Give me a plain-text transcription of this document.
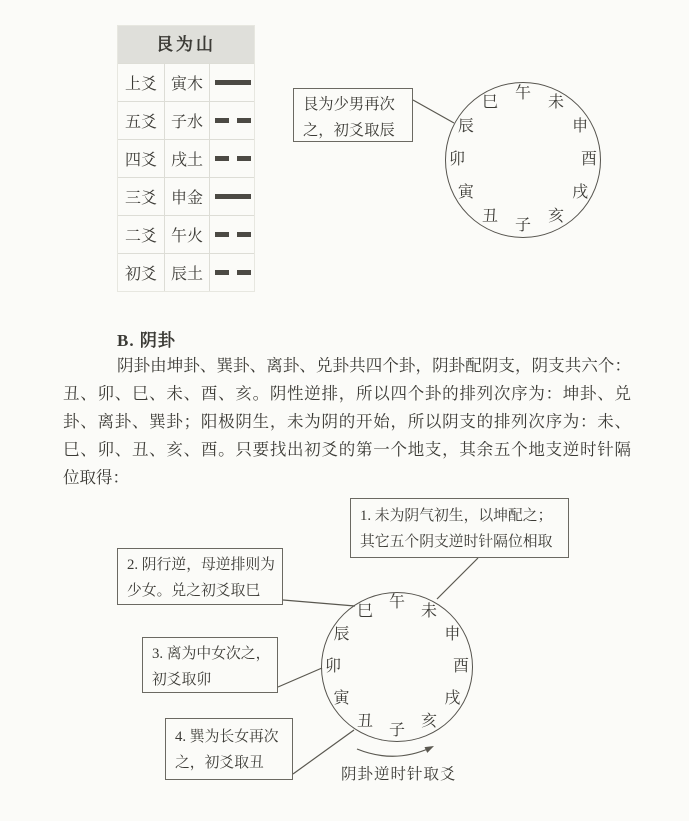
艮为山
上爻 寅木
五爻 子水
四爻 戌土
三爻 申金
二爻 午火
初爻 辰土
艮为少男再次
之，初爻取辰
午
未
申
酉
戌
亥
子
丑
寅
卯
辰
巳
B. 阴卦
阴卦由坤卦、巽卦、离卦、兑卦共四个卦，阴卦配阴支，阴支共六个：
丑、卯、巳、未、酉、亥。阴性逆排，所以四个卦的排列次序为：坤卦、兑
卦、离卦、巽卦；阳极阴生，未为阴的开始，所以阴支的排列次序为：未、
巳、卯、丑、亥、酉。只要找出初爻的第一个地支，其余五个地支逆时针隔
位取得：
1. 未为阴气初生，以坤配之；
其它五个阴支逆时针隔位相取
2. 阴行逆，母逆排则为
少女。兑之初爻取巳
3. 离为中女次之，
初爻取卯
4. 巽为长女再次
之，初爻取丑
午
未
申
酉
戌
亥
子
丑
寅
卯
辰
巳
阴卦逆时针取爻
